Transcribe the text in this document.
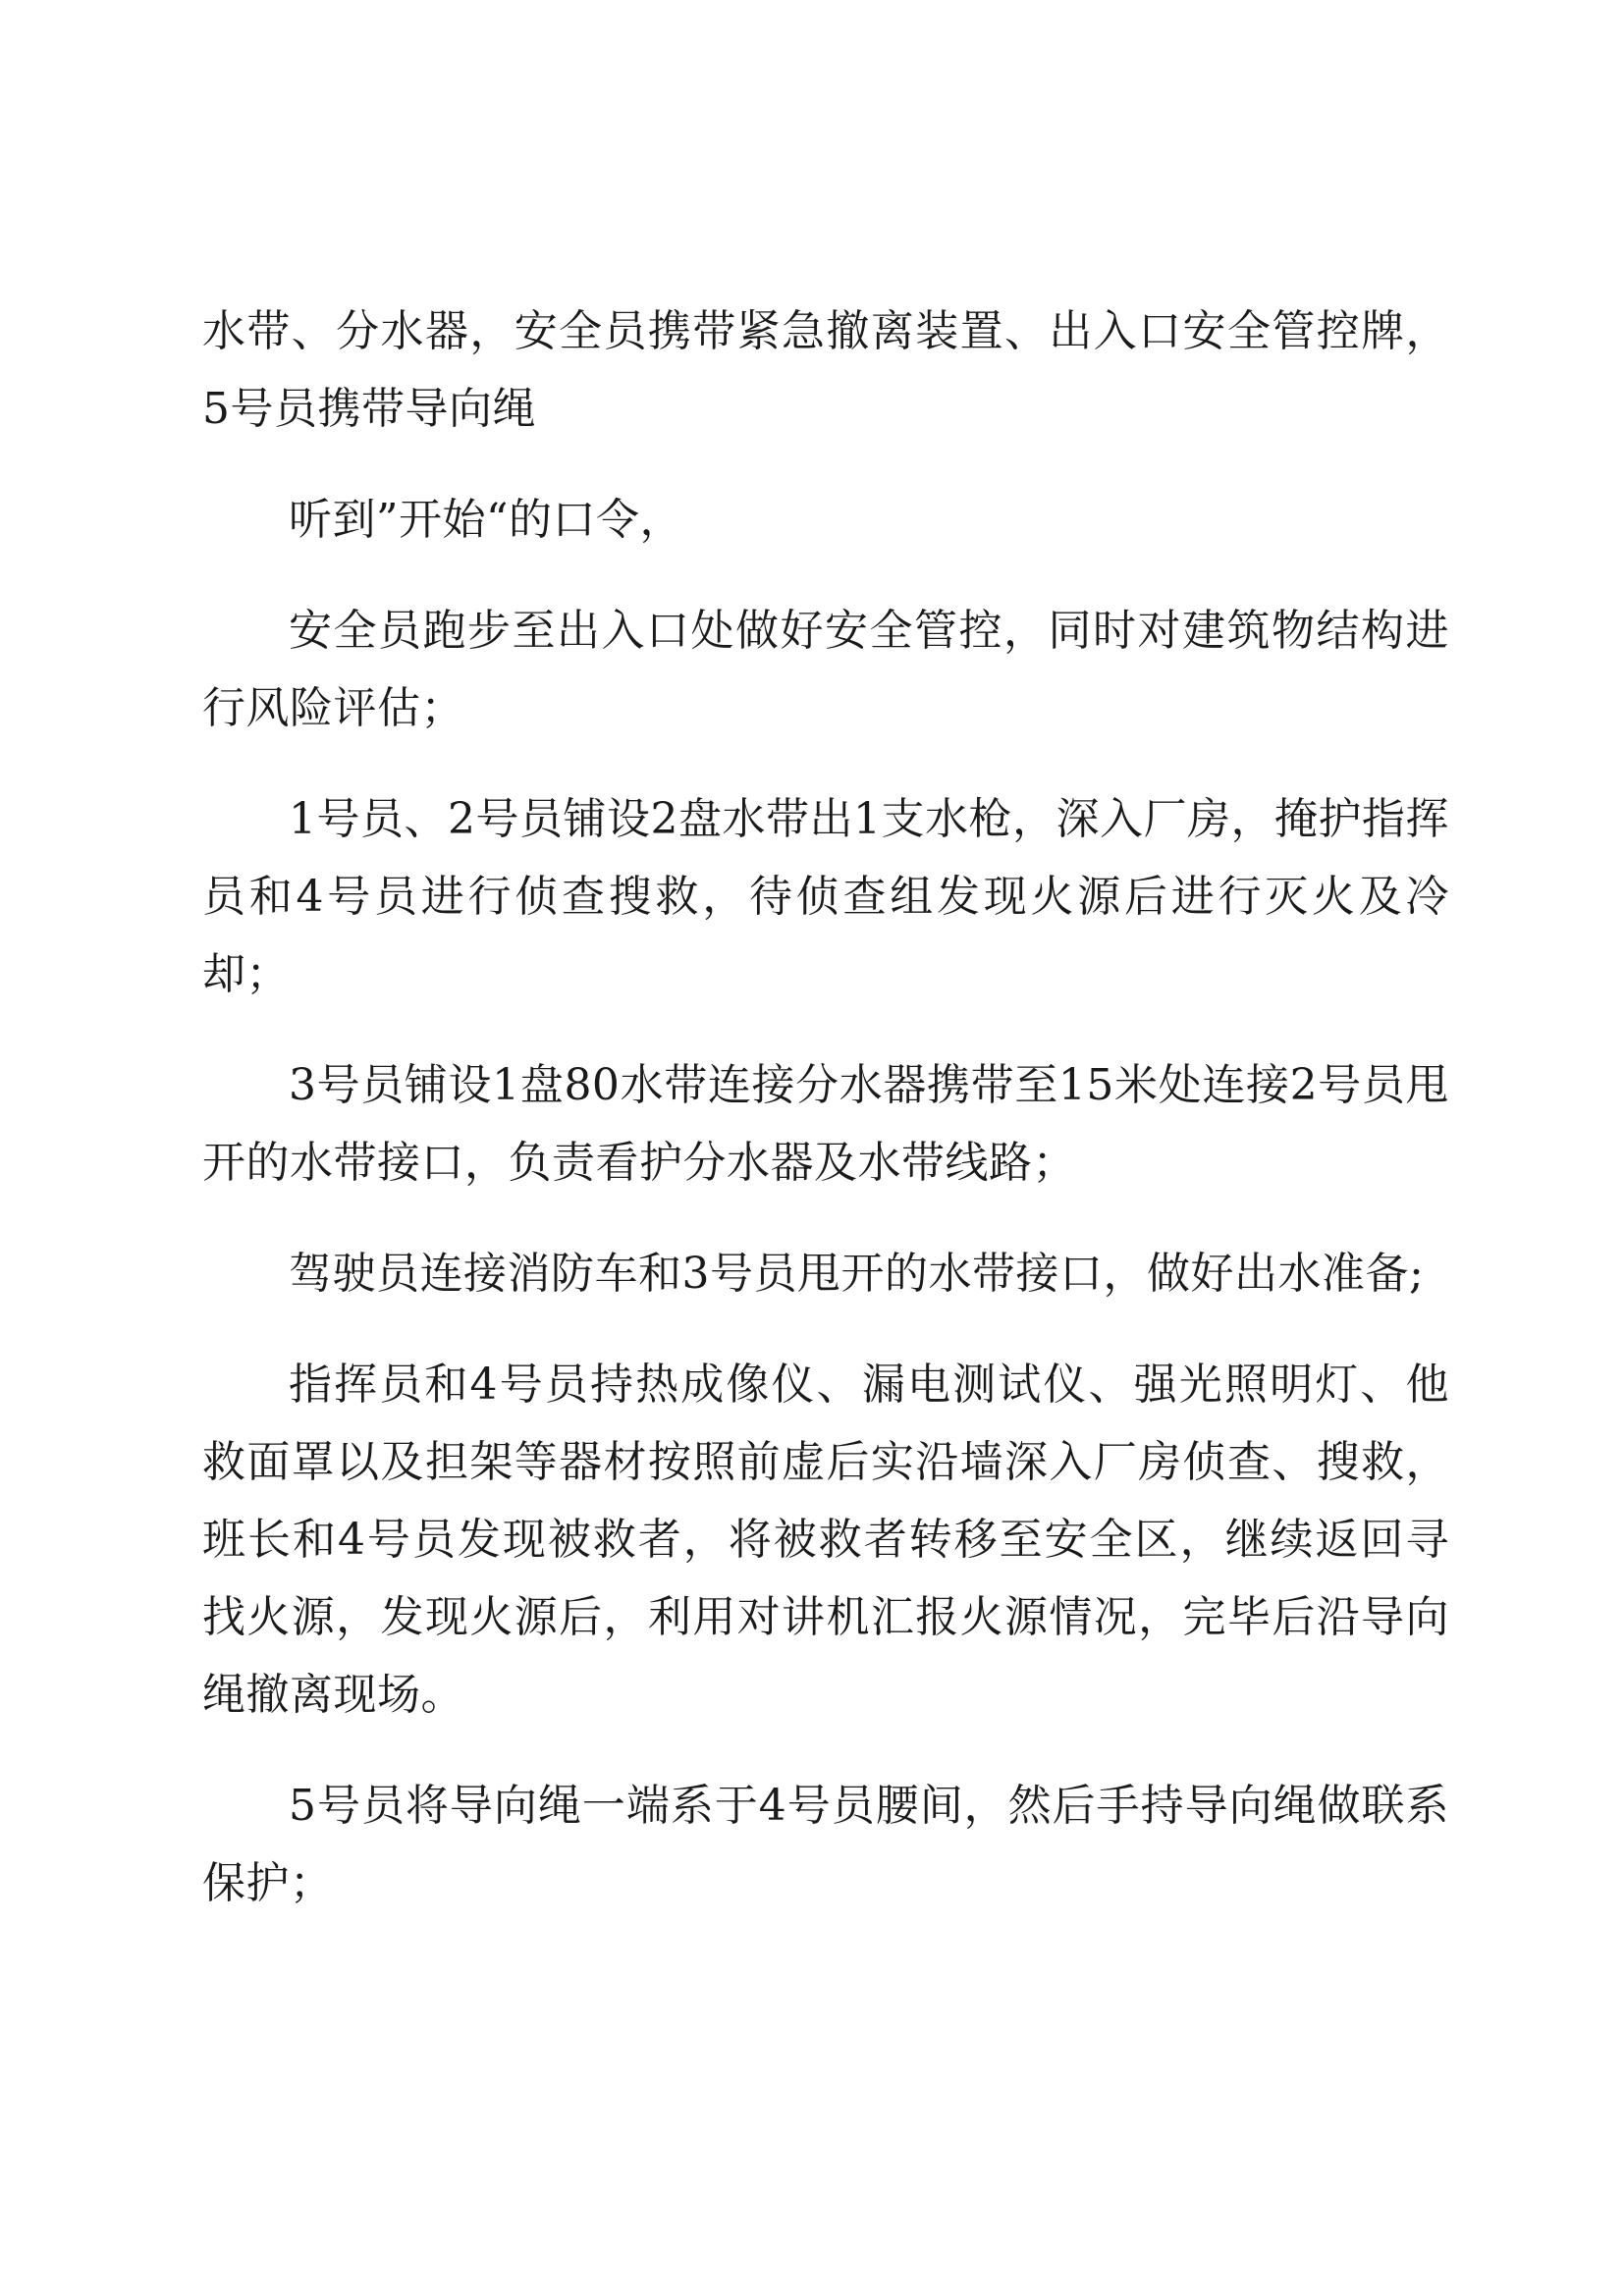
水带、分水器，安全员携带紧急撤离装置、出入口安全管控牌，5号员携带导向绳

听到”开始“的口令，

安全员跑步至出入口处做好安全管控，同时对建筑物结构进行风险评估；

1号员、2号员铺设2盘水带出1支水枪，深入厂房，掩护指挥员和4号员进行侦查搜救，待侦查组发现火源后进行灭火及冷却；

3号员铺设1盘80水带连接分水器携带至15米处连接2号员甩开的水带接口，负责看护分水器及水带线路；

驾驶员连接消防车和3号员甩开的水带接口，做好出水准备;

指挥员和4号员持热成像仪、漏电测试仪、强光照明灯、他救面罩以及担架等器材按照前虚后实沿墙深入厂房侦查、搜救，班长和4号员发现被救者，将被救者转移至安全区，继续返回寻找火源，发现火源后，利用对讲机汇报火源情况，完毕后沿导向绳撤离现场。

5号员将导向绳一端系于4号员腰间，然后手持导向绳做联系保护；
